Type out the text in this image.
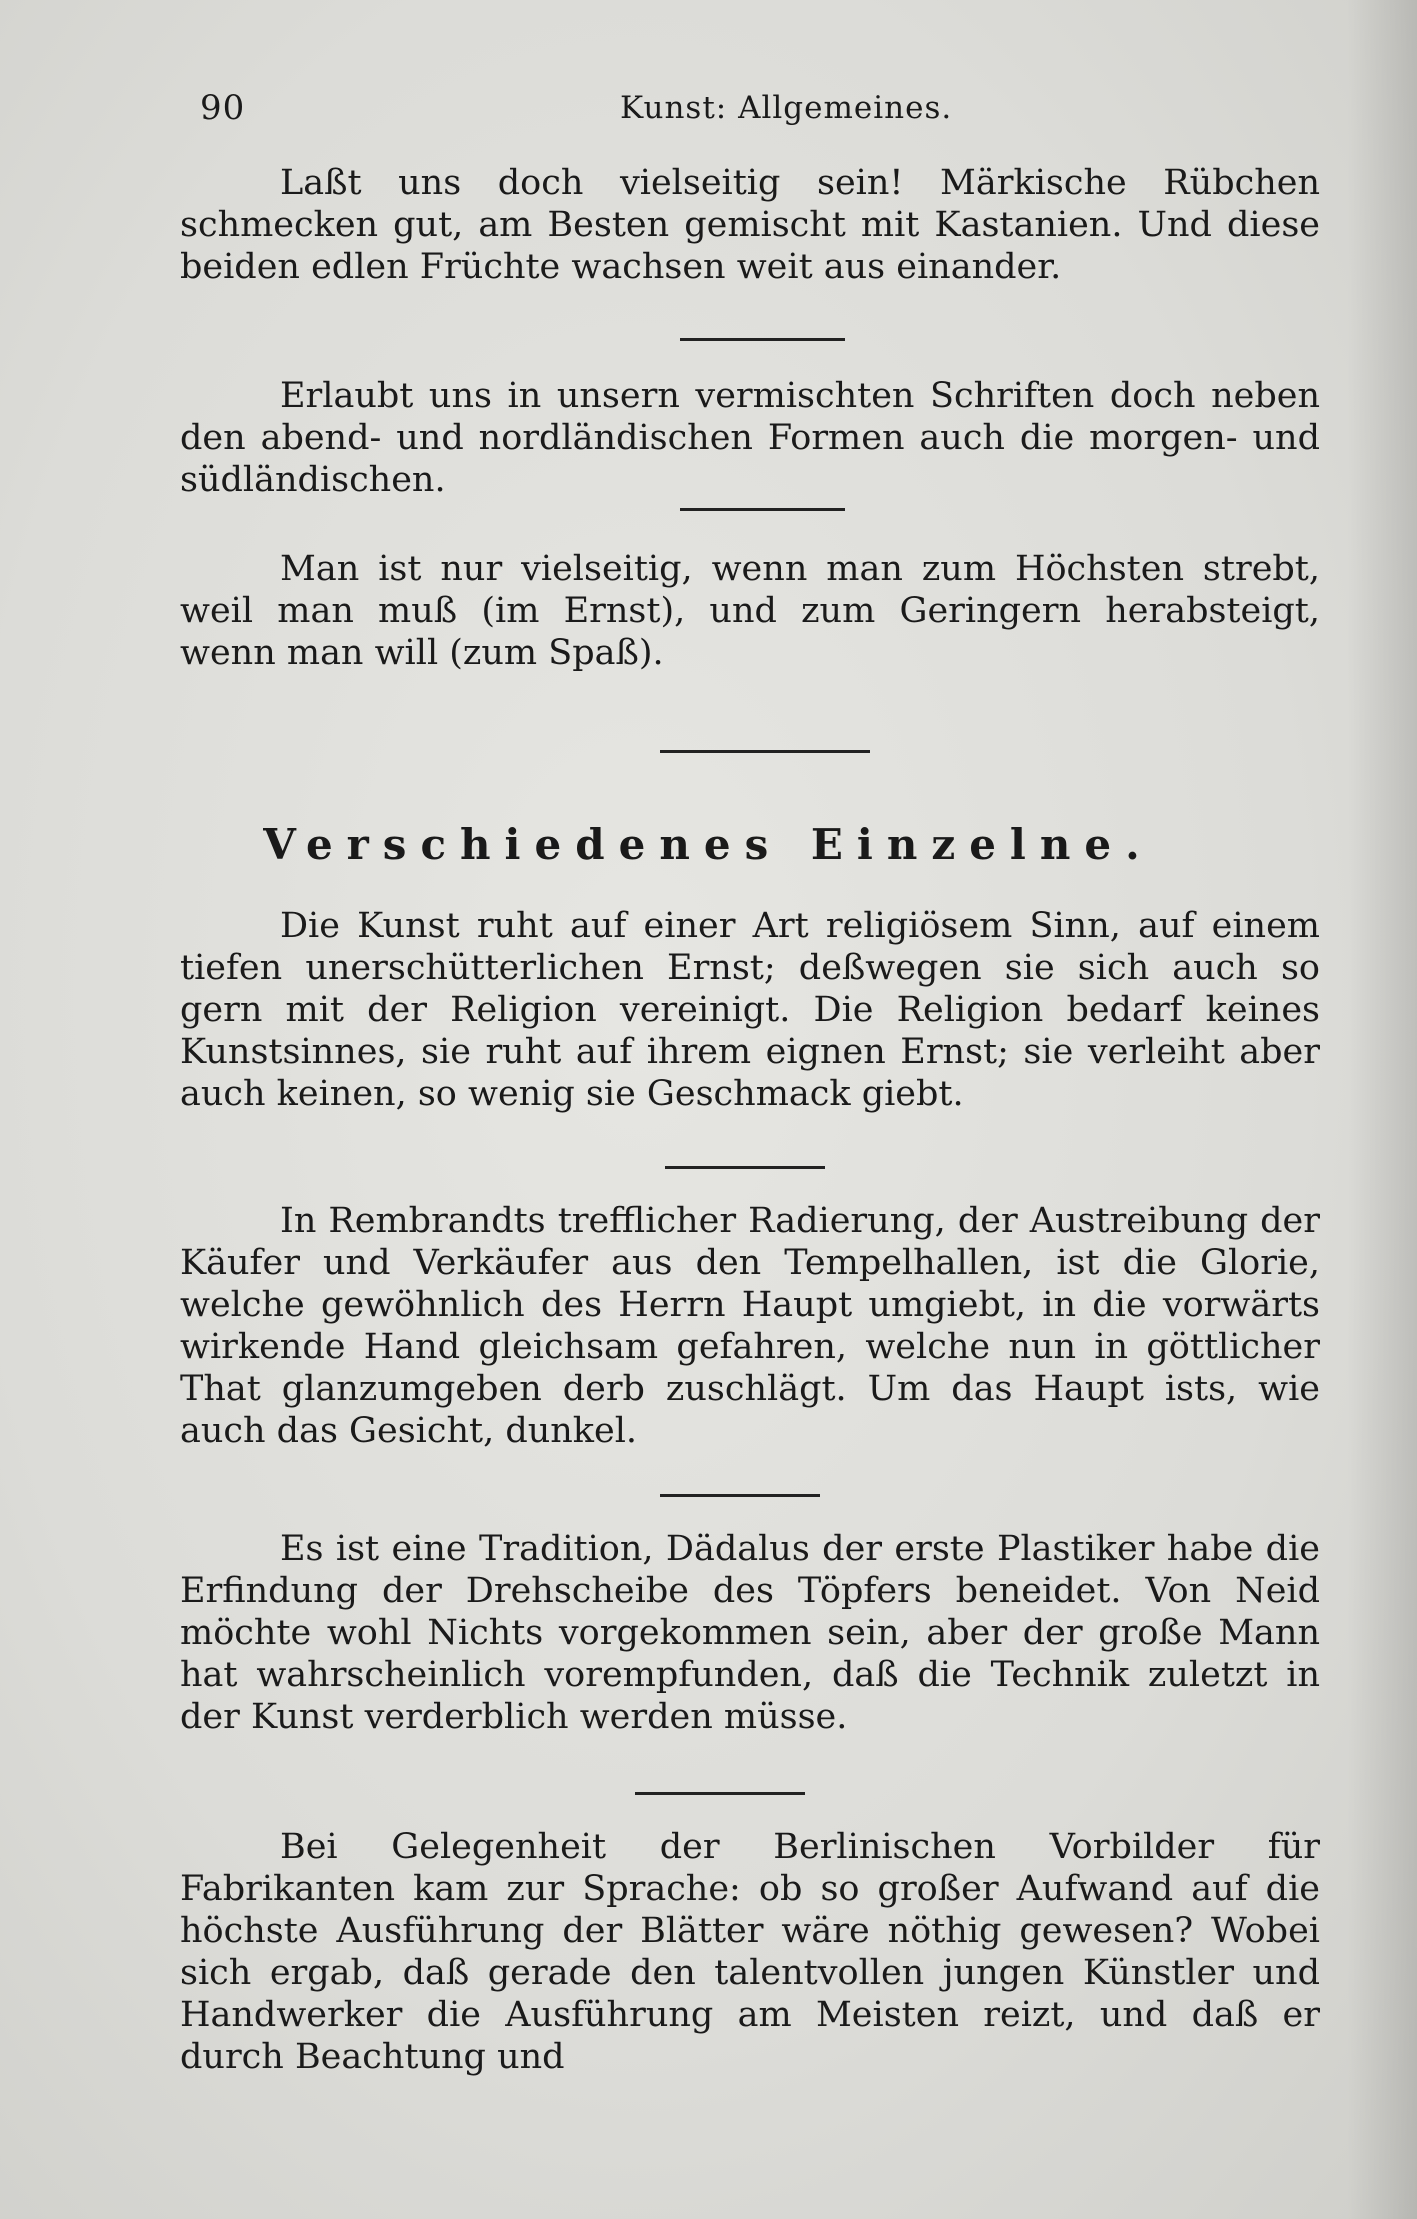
90	Kunst: Allgemeines.

Laßt uns doch vielseitig sein! Märkische Rübchen schmecken gut, am Besten gemischt mit Kastanien. Und diese beiden edlen Früchte wachsen weit aus einander.

Erlaubt uns in unsern vermischten Schriften doch neben den abend- und nordländischen Formen auch die morgen- und südländischen.

Man ist nur vielseitig, wenn man zum Höchsten strebt, weil man muß (im Ernst), und zum Geringern herabsteigt, wenn man will (zum Spaß).

Verschiedenes Einzelne.

Die Kunst ruht auf einer Art religiösem Sinn, auf einem tiefen unerschütterlichen Ernst; deßwegen sie sich auch so gern mit der Religion vereinigt. Die Religion bedarf keines Kunstsinnes, sie ruht auf ihrem eignen Ernst; sie verleiht aber auch keinen, so wenig sie Geschmack giebt.

In Rembrandts trefflicher Radierung, der Austreibung der Käufer und Verkäufer aus den Tempelhallen, ist die Glorie, welche gewöhnlich des Herrn Haupt umgiebt, in die vorwärts wirkende Hand gleichsam gefahren, welche nun in göttlicher That glanzumgeben derb zuschlägt. Um das Haupt ists, wie auch das Gesicht, dunkel.

Es ist eine Tradition, Dädalus der erste Plastiker habe die Erfindung der Drehscheibe des Töpfers beneidet. Von Neid möchte wohl Nichts vorgekommen sein, aber der große Mann hat wahrscheinlich vorempfunden, daß die Technik zuletzt in der Kunst verderblich werden müsse.

Bei Gelegenheit der Berlinischen Vorbilder für Fabrikanten kam zur Sprache: ob so großer Aufwand auf die höchste Ausführung der Blätter wäre nöthig gewesen? Wobei sich ergab, daß gerade den talentvollen jungen Künstler und Handwerker die Ausführung am Meisten reizt, und daß er durch Beachtung und
